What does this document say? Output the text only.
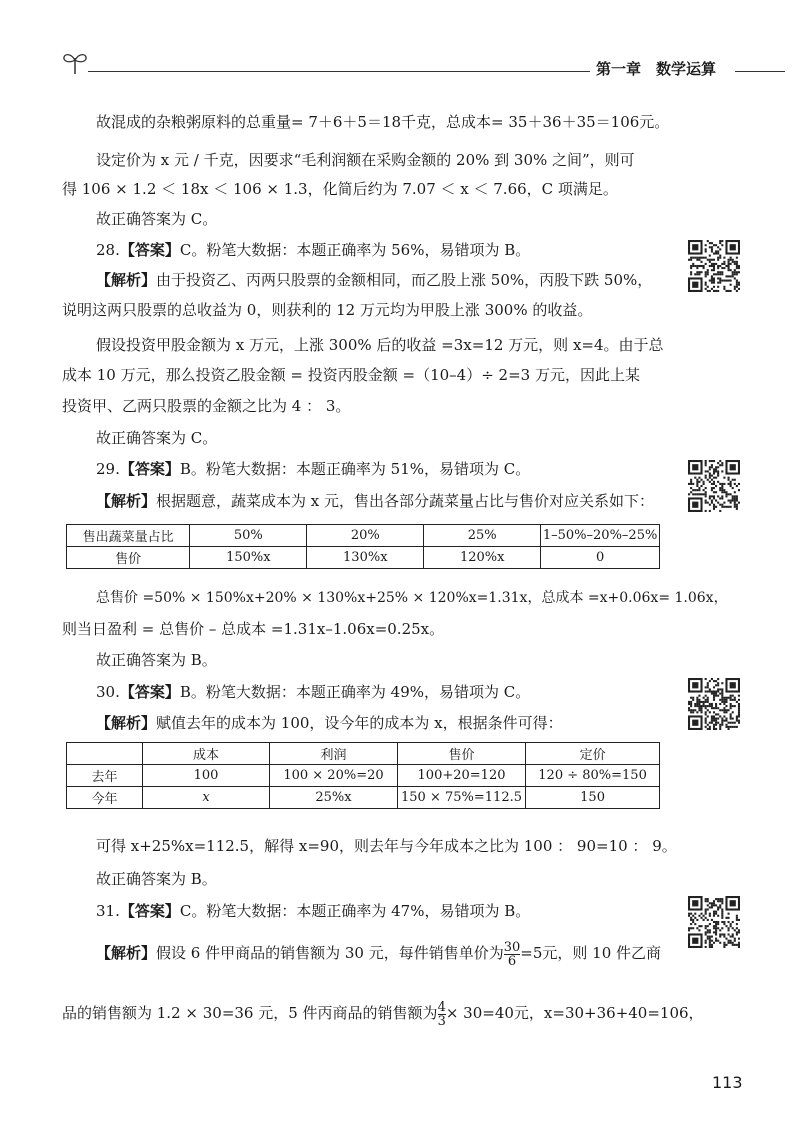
第一章　数学运算
故混成的杂粮粥原料的总重量= 7＋6＋5＝18千克，总成本= 35＋36＋35＝106元。
设定价为 x 元 / 千克，因要求“毛利润额在采购金额的 20% 到 30% 之间”，则可
得 106 × 1.2 ＜ 18x ＜ 106 × 1.3，化简后约为 7.07 ＜ x ＜ 7.66，C 项满足。
故正确答案为 C。
28.【答案】C。粉笔大数据：本题正确率为 56%，易错项为 B。
【解析】由于投资乙、丙两只股票的金额相同，而乙股上涨 50%，丙股下跌 50%，
说明这两只股票的总收益为 0，则获利的 12 万元均为甲股上涨 300% 的收益。
假设投资甲股金额为 x 万元，上涨 300% 后的收益 =3x=12 万元，则 x=4。由于总
成本 10 万元，那么投资乙股金额 = 投资丙股金额 =（10–4）÷ 2=3 万元，因此上某
投资甲、乙两只股票的金额之比为 4 ： 3。
故正确答案为 C。
29.【答案】B。粉笔大数据：本题正确率为 51%，易错项为 C。
【解析】根据题意，蔬菜成本为 x 元，售出各部分蔬菜量占比与售价对应关系如下：
售出蔬菜量占比	50%	20%	25%	1–50%–20%–25%
售价	150%x	130%x	120%x	0
总售价 =50% × 150%x+20% × 130%x+25% × 120%x=1.31x，总成本 =x+0.06x= 1.06x，
则当日盈利 = 总售价 – 总成本 =1.31x–1.06x=0.25x。
故正确答案为 B。
30.【答案】B。粉笔大数据：本题正确率为 49%，易错项为 C。
【解析】赋值去年的成本为 100，设今年的成本为 x，根据条件可得：
	成本	利润	售价	定价
去年	100	100 × 20%=20	100+20=120	120 ÷ 80%=150
今年	x	25%x	150 × 75%=112.5	150
可得 x+25%x=112.5，解得 x=90，则去年与今年成本之比为 100 ： 90=10 ： 9。
故正确答案为 B。
31.【答案】C。粉笔大数据：本题正确率为 47%，易错项为 B。
【解析】假设 6 件甲商品的销售额为 30 元，每件销售单价为 $\frac{30}{6} =5$元，则 10 件乙商
品的销售额为 1.2 × 30=36 元，5 件丙商品的销售额为 $\frac{4}{3} \times 30=40$元，x=30+36+40=106，
113
